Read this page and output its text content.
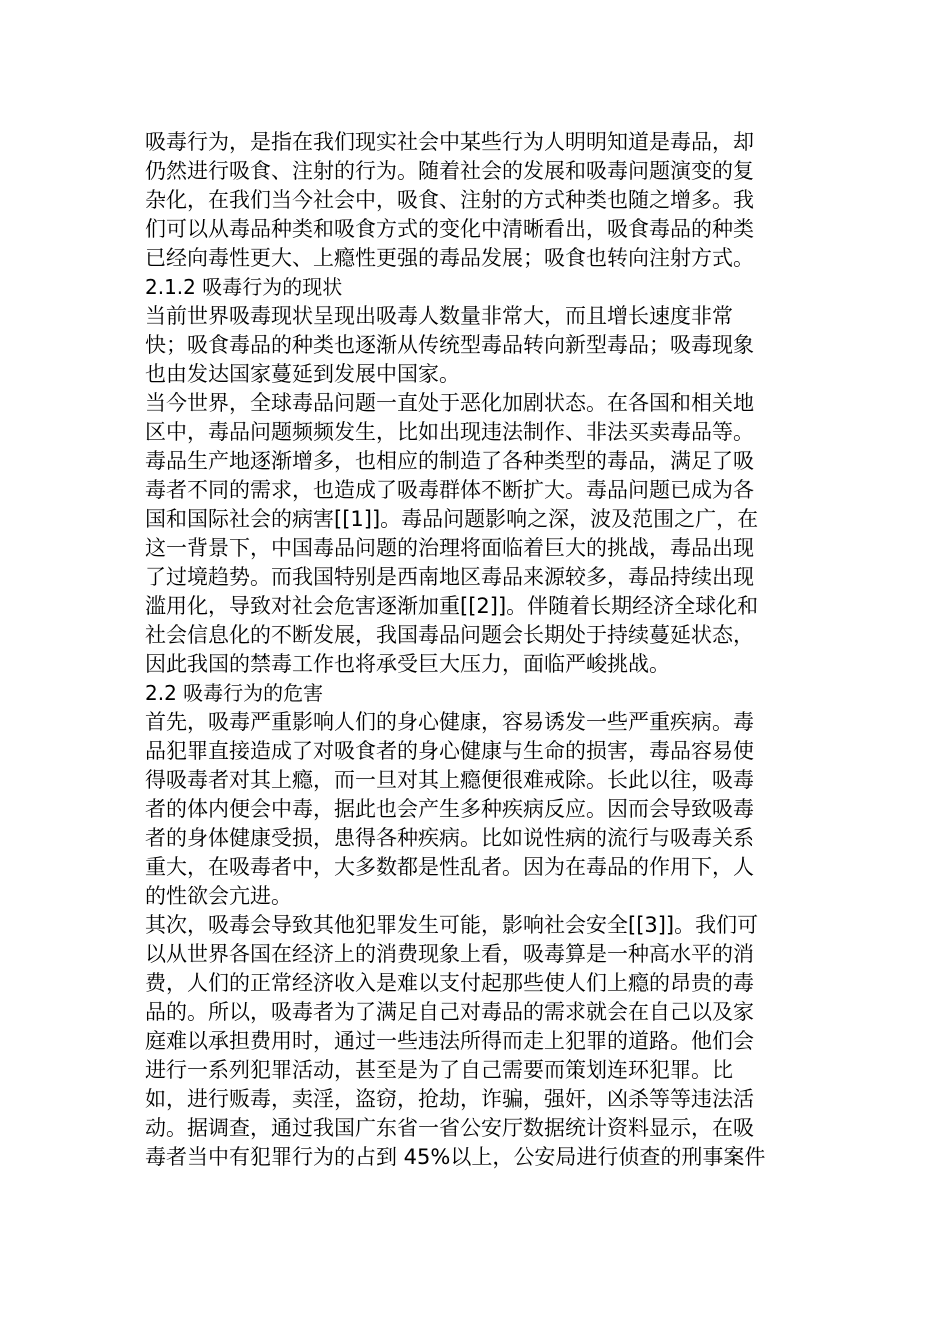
吸毒行为，是指在我们现实社会中某些行为人明明知道是毒品，却
仍然进行吸食、注射的行为。随着社会的发展和吸毒问题演变的复
杂化，在我们当今社会中，吸食、注射的方式种类也随之增多。我
们可以从毒品种类和吸食方式的变化中清晰看出，吸食毒品的种类
已经向毒性更大、上瘾性更强的毒品发展；吸食也转向注射方式。
2.1.2 吸毒行为的现状
当前世界吸毒现状呈现出吸毒人数量非常大，而且增长速度非常
快；吸食毒品的种类也逐渐从传统型毒品转向新型毒品；吸毒现象
也由发达国家蔓延到发展中国家。
当今世界，全球毒品问题一直处于恶化加剧状态。在各国和相关地
区中，毒品问题频频发生，比如出现违法制作、非法买卖毒品等。
毒品生产地逐渐增多，也相应的制造了各种类型的毒品，满足了吸
毒者不同的需求，也造成了吸毒群体不断扩大。毒品问题已成为各
国和国际社会的病害[[1]]。毒品问题影响之深，波及范围之广，在
这一背景下，中国毒品问题的治理将面临着巨大的挑战，毒品出现
了过境趋势。而我国特别是西南地区毒品来源较多，毒品持续出现
滥用化，导致对社会危害逐渐加重[[2]]。伴随着长期经济全球化和
社会信息化的不断发展，我国毒品问题会长期处于持续蔓延状态，
因此我国的禁毒工作也将承受巨大压力，面临严峻挑战。
2.2 吸毒行为的危害
首先，吸毒严重影响人们的身心健康，容易诱发一些严重疾病。毒
品犯罪直接造成了对吸食者的身心健康与生命的损害，毒品容易使
得吸毒者对其上瘾，而一旦对其上瘾便很难戒除。长此以往，吸毒
者的体内便会中毒，据此也会产生多种疾病反应。因而会导致吸毒
者的身体健康受损，患得各种疾病。比如说性病的流行与吸毒关系
重大，在吸毒者中，大多数都是性乱者。因为在毒品的作用下，人
的性欲会亢进。
其次，吸毒会导致其他犯罪发生可能，影响社会安全[[3]]。我们可
以从世界各国在经济上的消费现象上看，吸毒算是一种高水平的消
费，人们的正常经济收入是难以支付起那些使人们上瘾的昂贵的毒
品的。所以，吸毒者为了满足自己对毒品的需求就会在自己以及家
庭难以承担费用时，通过一些违法所得而走上犯罪的道路。他们会
进行一系列犯罪活动，甚至是为了自己需要而策划连环犯罪。比
如，进行贩毒，卖淫，盗窃，抢劫，诈骗，强奸，凶杀等等违法活
动。据调查，通过我国广东省一省公安厅数据统计资料显示，在吸
毒者当中有犯罪行为的占到 45%以上，公安局进行侦查的刑事案件
